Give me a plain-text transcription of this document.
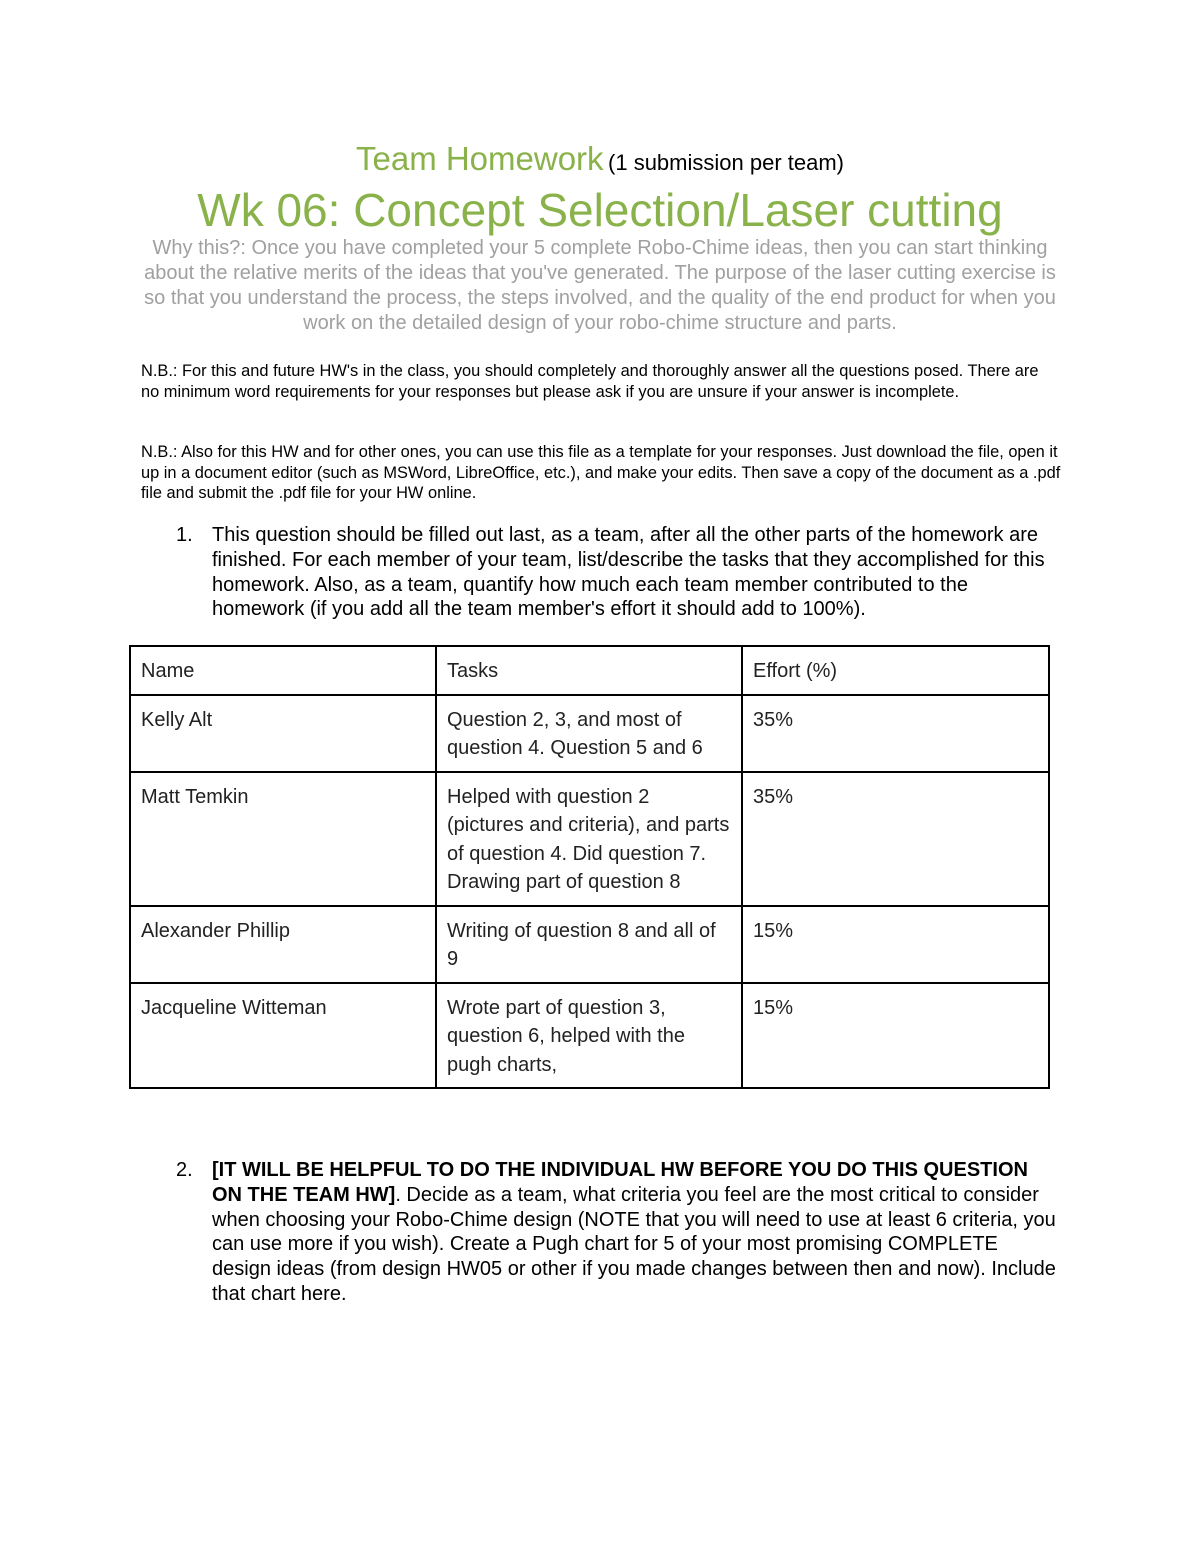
Team Homework (1 submission per team)
Wk 06: Concept Selection/Laser cutting
Why this?: Once you have completed your 5 complete Robo-Chime ideas, then you can start thinking about the relative merits of the ideas that you've generated. The purpose of the laser cutting exercise is so that you understand the process, the steps involved, and the quality of the end product for when you work on the detailed design of your robo-chime structure and parts.
N.B.: For this and future HW's in the class, you should completely and thoroughly answer all the questions posed. There are no minimum word requirements for your responses but please ask if you are unsure if your answer is incomplete.
N.B.: Also for this HW and for other ones, you can use this file as a template for your responses. Just download the file, open it up in a document editor (such as MSWord, LibreOffice, etc.), and make your edits. Then save a copy of the document as a .pdf file and submit the .pdf file for your HW online.
1. This question should be filled out last, as a team, after all the other parts of the homework are finished. For each member of your team, list/describe the tasks that they accomplished for this homework. Also, as a team, quantify how much each team member contributed to the homework (if you add all the team member's effort it should add to 100%).
Name	Tasks	Effort (%)
Kelly Alt	Question 2, 3, and most of question 4. Question 5 and 6	35%
Matt Temkin	Helped with question 2 (pictures and criteria), and parts of question 4. Did question 7. Drawing part of question 8	35%
Alexander Phillip	Writing of question 8 and all of 9	15%
Jacqueline Witteman	Wrote part of question 3, question 6, helped with the pugh charts,	15%
2. [IT WILL BE HELPFUL TO DO THE INDIVIDUAL HW BEFORE YOU DO THIS QUESTION ON THE TEAM HW]. Decide as a team, what criteria you feel are the most critical to consider when choosing your Robo-Chime design (NOTE that you will need to use at least 6 criteria, you can use more if you wish). Create a Pugh chart for 5 of your most promising COMPLETE design ideas (from design HW05 or other if you made changes between then and now). Include that chart here.
